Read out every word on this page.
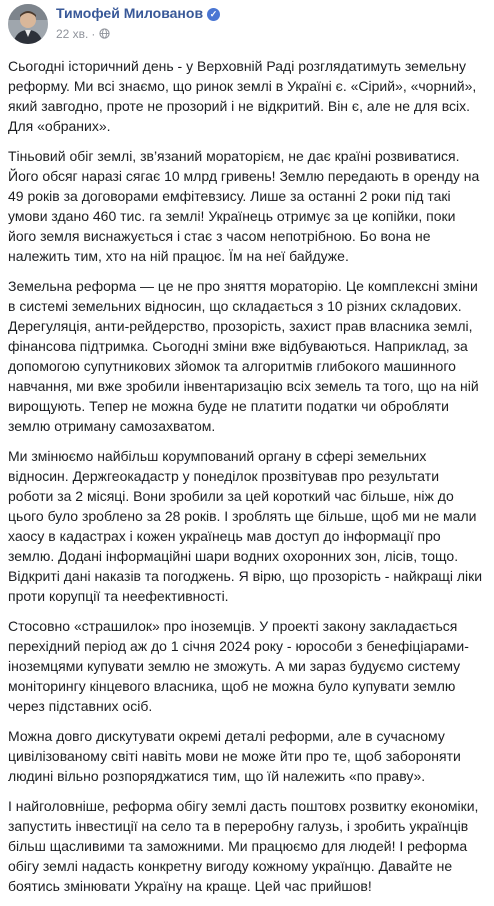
Тимофей Милованов ✓
22 хв. ·

Сьогодні історичний день - у Верховній Раді розглядатимуть земельну
реформу. Ми всі знаємо, що ринок землі в Україні є. «Сірий», «чорний»,
який завгодно, проте не прозорий і не відкритий. Він є, але не для всіх.
Для «обраних».

Тіньовий обіг землі, зв’язаний мораторієм, не дає країні розвиватися.
Його обсяг наразі сягає 10 млрд гривень! Землю передають в оренду на
49 років за договорами емфітевзису. Лише за останні 2 роки під такі
умови здано 460 тис. га землі! Українець отримує за це копійки, поки
його земля виснажується і стає з часом непотрібною. Бо вона не
належить тим, хто на ній працює. Їм на неї байдуже.

Земельна реформа — це не про зняття мораторію. Це комплексні зміни
в системі земельних відносин, що складається з 10 різних складових.
Дерегуляція, анти-рейдерство, прозорість, захист прав власника землі,
фінансова підтримка. Сьогодні зміни вже відбуваються. Наприклад, за
допомогою супутникових зйомок та алгоритмів глибокого машинного
навчання, ми вже зробили інвентаризацію всіх земель та того, що на ній
вирощують. Тепер не можна буде не платити податки чи обробляти
землю отриману самозахватом.

Ми змінюємо найбільш корумпований органу в сфері земельних
відносин. Держгеокадастр у понеділок прозвітував про результати
роботи за 2 місяці. Вони зробили за цей короткий час більше, ніж до
цього було зроблено за 28 років. І зроблять ще більше, щоб ми не мали
хаосу в кадастрах і кожен українець мав доступ до інформації про
землю. Додані інформаційні шари водних охоронних зон, лісів, тощо.
Відкриті дані наказів та погоджень. Я вірю, що прозорість - найкращі ліки
проти корупції та неефективності.

Стосовно «страшилок» про іноземців. У проекті закону закладається
перехідний період аж до 1 січня 2024 року - юрособи з бенефіціарами-
іноземцями купувати землю не зможуть. А ми зараз будуємо систему
моніторингу кінцевого власника, щоб не можна було купувати землю
через підставних осіб.

Можна довго дискутувати окремі деталі реформи, але в сучасному
цивілізованому світі навіть мови не може йти про те, щоб забороняти
людині вільно розпоряджатися тим, що їй належить «по праву».

І найголовніше, реформа обігу землі дасть поштовх розвитку економіки,
запустить інвестиції на село та в переробну галузь, і зробить українців
більш щасливими та заможними. Ми працюємо для людей! І реформа
обігу землі надасть конкретну вигоду кожному українцю. Давайте не
боятись змінювати Україну на краще. Цей час прийшов!
